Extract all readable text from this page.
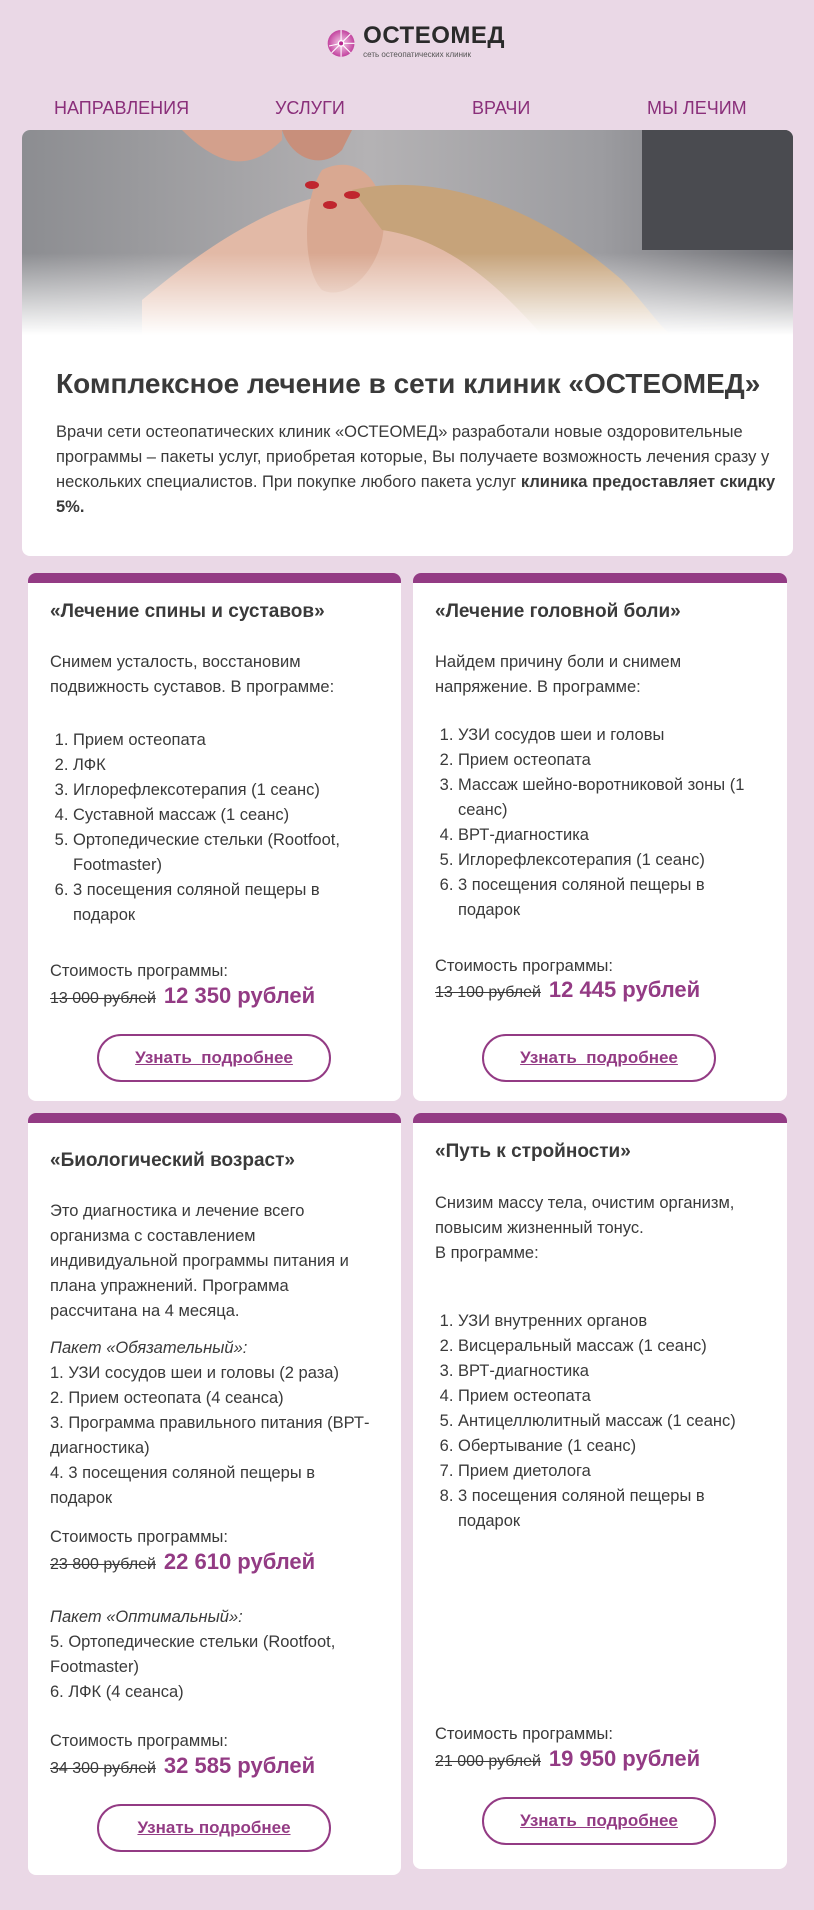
ОСТЕОМЕД
сеть остеопатических клиник
НАПРАВЛЕНИЯ	УСЛУГИ	ВРАЧИ	МЫ ЛЕЧИМ
Комплексное лечение в сети клиник «ОСТЕОМЕД»

Врачи сети остеопатических клиник «ОСТЕОМЕД» разработали новые оздоровительные программы – пакеты услуг, приобретая которые, Вы получаете возможность лечения сразу у нескольких специалистов. При покупке любого пакета услуг клиника предоставляет скидку 5%.

«Лечение спины и суставов»

Снимем усталость, восстановим подвижность суставов. В программе:

1. Прием остеопата
2. ЛФК
3. Иглорефлексотерапия (1 сеанс)
4. Суставной массаж (1 сеанс)
5. Ортопедические стельки (Rootfoot, Footmaster)
6. 3 посещения соляной пещеры в подарок
Стоимость программы:
13 000 рублей 12 350 рублей
Узнать  подробнее
«Лечение головной боли»

Найдем причину боли и снимем напряжение. В программе:

1. УЗИ сосудов шеи и головы
2. Прием остеопата
3. Массаж шейно-воротниковой зоны (1 сеанс)
4. ВРТ-диагностика
5. Иглорефлексотерапия (1 сеанс)
6. 3 посещения соляной пещеры в подарок
Стоимость программы:
13 100 рублей 12 445 рублей
Узнать  подробнее
«Биологический возраст»

Это диагностика и лечение всего организма с составлением индивидуальной программы питания и плана упражнений. Программа рассчитана на 4 месяца.

Пакет «Обязательный»:
1. УЗИ сосудов шеи и головы (2 раза)
2. Прием остеопата (4 сеанса)
3. Программа правильного питания (ВРТ-диагностика)
4. 3 посещения соляной пещеры в подарок
Стоимость программы:
23 800 рублей 22 610 рублей
Пакет «Оптимальный»:
5. Ортопедические стельки (Rootfoot, Footmaster)
6. ЛФК (4 сеанса)
Стоимость программы:
34 300 рублей 32 585 рублей
Узнать подробнее
«Путь к стройности»

Снизим массу тела, очистим организм, повысим жизненный тонус.

В программе:

1. УЗИ внутренних органов
2. Висцеральный массаж (1 сеанс)
3. ВРТ-диагностика
4. Прием остеопата
5. Антицеллюлитный массаж (1 сеанс)
6. Обертывание (1 сеанс)
7. Прием диетолога
8. 3 посещения соляной пещеры в подарок
Стоимость программы:
21 000 рублей 19 950 рублей
Узнать  подробнее
